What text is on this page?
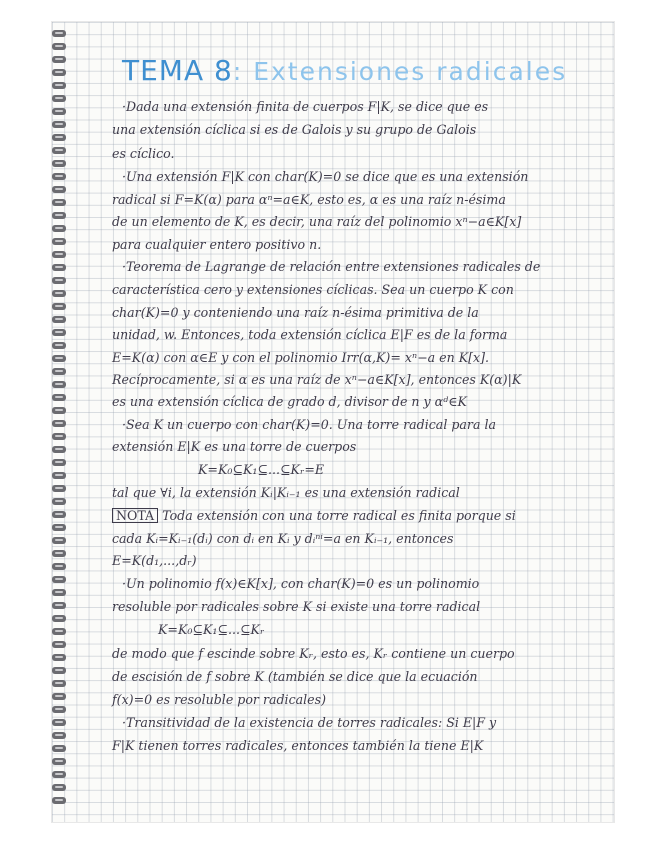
TEMA 8: Extensiones radicales

·Dada una extensión finita de cuerpos F|K, se dice que es

una extensión cíclica si es de Galois y su grupo de Galois

es cíclico.

·Una extensión F|K con char(K)=0 se dice que es una extensión

radical si F=K(α) para αⁿ=a∈K, esto es, α es una raíz n-ésima

de un elemento de K, es decir, una raíz del polinomio xⁿ−a∈K[x]

para cualquier entero positivo n.

·Teorema de Lagrange de relación entre extensiones radicales de

característica cero y extensiones cíclicas. Sea un cuerpo K con

char(K)=0 y conteniendo una raíz n-ésima primitiva de la

unidad, w. Entonces, toda extensión cíclica E|F es de la forma

E=K(α) con α∈E y con el polinomio Irr(α,K)= xⁿ−a en K[x].

Recíprocamente, si α es una raíz de xⁿ−a∈K[x], entonces K(α)|K

es una extensión cíclica de grado d, divisor de n y αᵈ∈K

·Sea K un cuerpo con char(K)=0. Una torre radical para la

extensión E|K es una torre de cuerpos

K=K₀⊆K₁⊆...⊆Kᵣ=E

tal que ∀i, la extensión Kᵢ|Kᵢ₋₁ es una extensión radical

NOTA Toda extensión con una torre radical es finita porque si

cada Kᵢ=Kᵢ₋₁(dᵢ) con dᵢ en Kᵢ y dᵢⁿⁱ=a en Kᵢ₋₁, entonces

E=K(d₁,...,dᵣ)

·Un polinomio f(x)∈K[x], con char(K)=0 es un polinomio

resoluble por radicales sobre K si existe una torre radical

K=K₀⊆K₁⊆...⊆Kᵣ

de modo que f escinde sobre Kᵣ, esto es, Kᵣ contiene un cuerpo

de escisión de f sobre K (también se dice que la ecuación

f(x)=0 es resoluble por radicales)

·Transitividad de la existencia de torres radicales: Si E|F y

F|K tienen torres radicales, entonces también la tiene E|K
